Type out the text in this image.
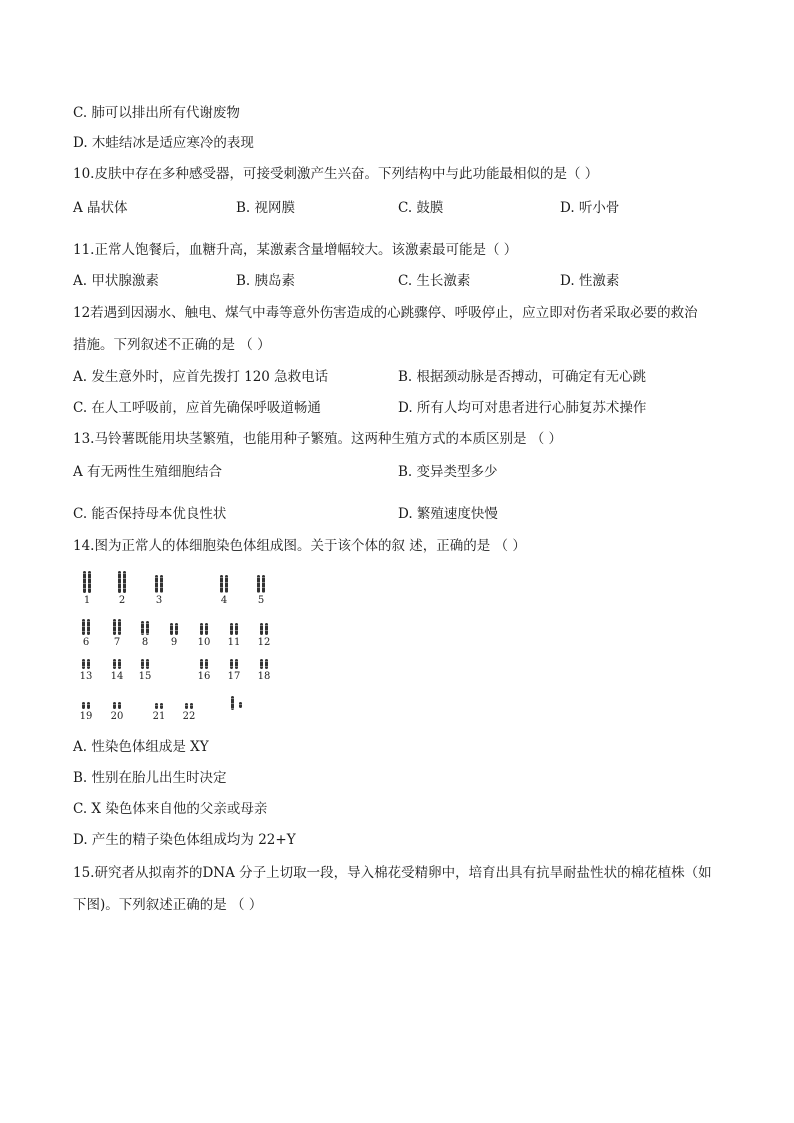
C. 肺可以排出所有代谢废物
D. 木蛙结冰是适应寒冷的表现
10.皮肤中存在多种感受器，可接受刺激产生兴奋。下列结构中与此功能最相似的是（ ）
A 晶状体	B. 视网膜	C. 鼓膜	D. 听小骨
11.正常人饱餐后，血糖升高，某激素含量增幅较大。该激素最可能是（ ）
A. 甲状腺激素	B. 胰岛素	C. 生长激素	D. 性激素
12若遇到因溺水、触电、煤气中毒等意外伤害造成的心跳骤停、呼吸停止，应立即对伤者采取必要的救治
措施。下列叙述不正确的是 （ ）
A. 发生意外时，应首先拨打 120 急救电话	B. 根据颈动脉是否搏动，可确定有无心跳
C. 在人工呼吸前，应首先确保呼吸道畅通	D. 所有人均可对患者进行心肺复苏术操作
13.马铃薯既能用块茎繁殖，也能用种子繁殖。这两种生殖方式的本质区别是 （ ）
A 有无两性生殖细胞结合	B. 变异类型多少
C. 能否保持母本优良性状	D. 繁殖速度快慢
14.图为正常人的体细胞染色体组成图。关于该个体的叙 述，正确的是 （ ）
1	2	3	4	5
6	7	8	9	10 11 12
13 14 15	16 17 18
19 20	21 22
A. 性染色体组成是 XY
B. 性别在胎儿出生时决定
C. X 染色体来自他的父亲或母亲
D. 产生的精子染色体组成均为 22+Y
15.研究者从拟南芥的DNA 分子上切取一段，导入棉花受精卵中，培育出具有抗旱耐盐性状的棉花植株（如
下图)。下列叙述正确的是 （ ）
